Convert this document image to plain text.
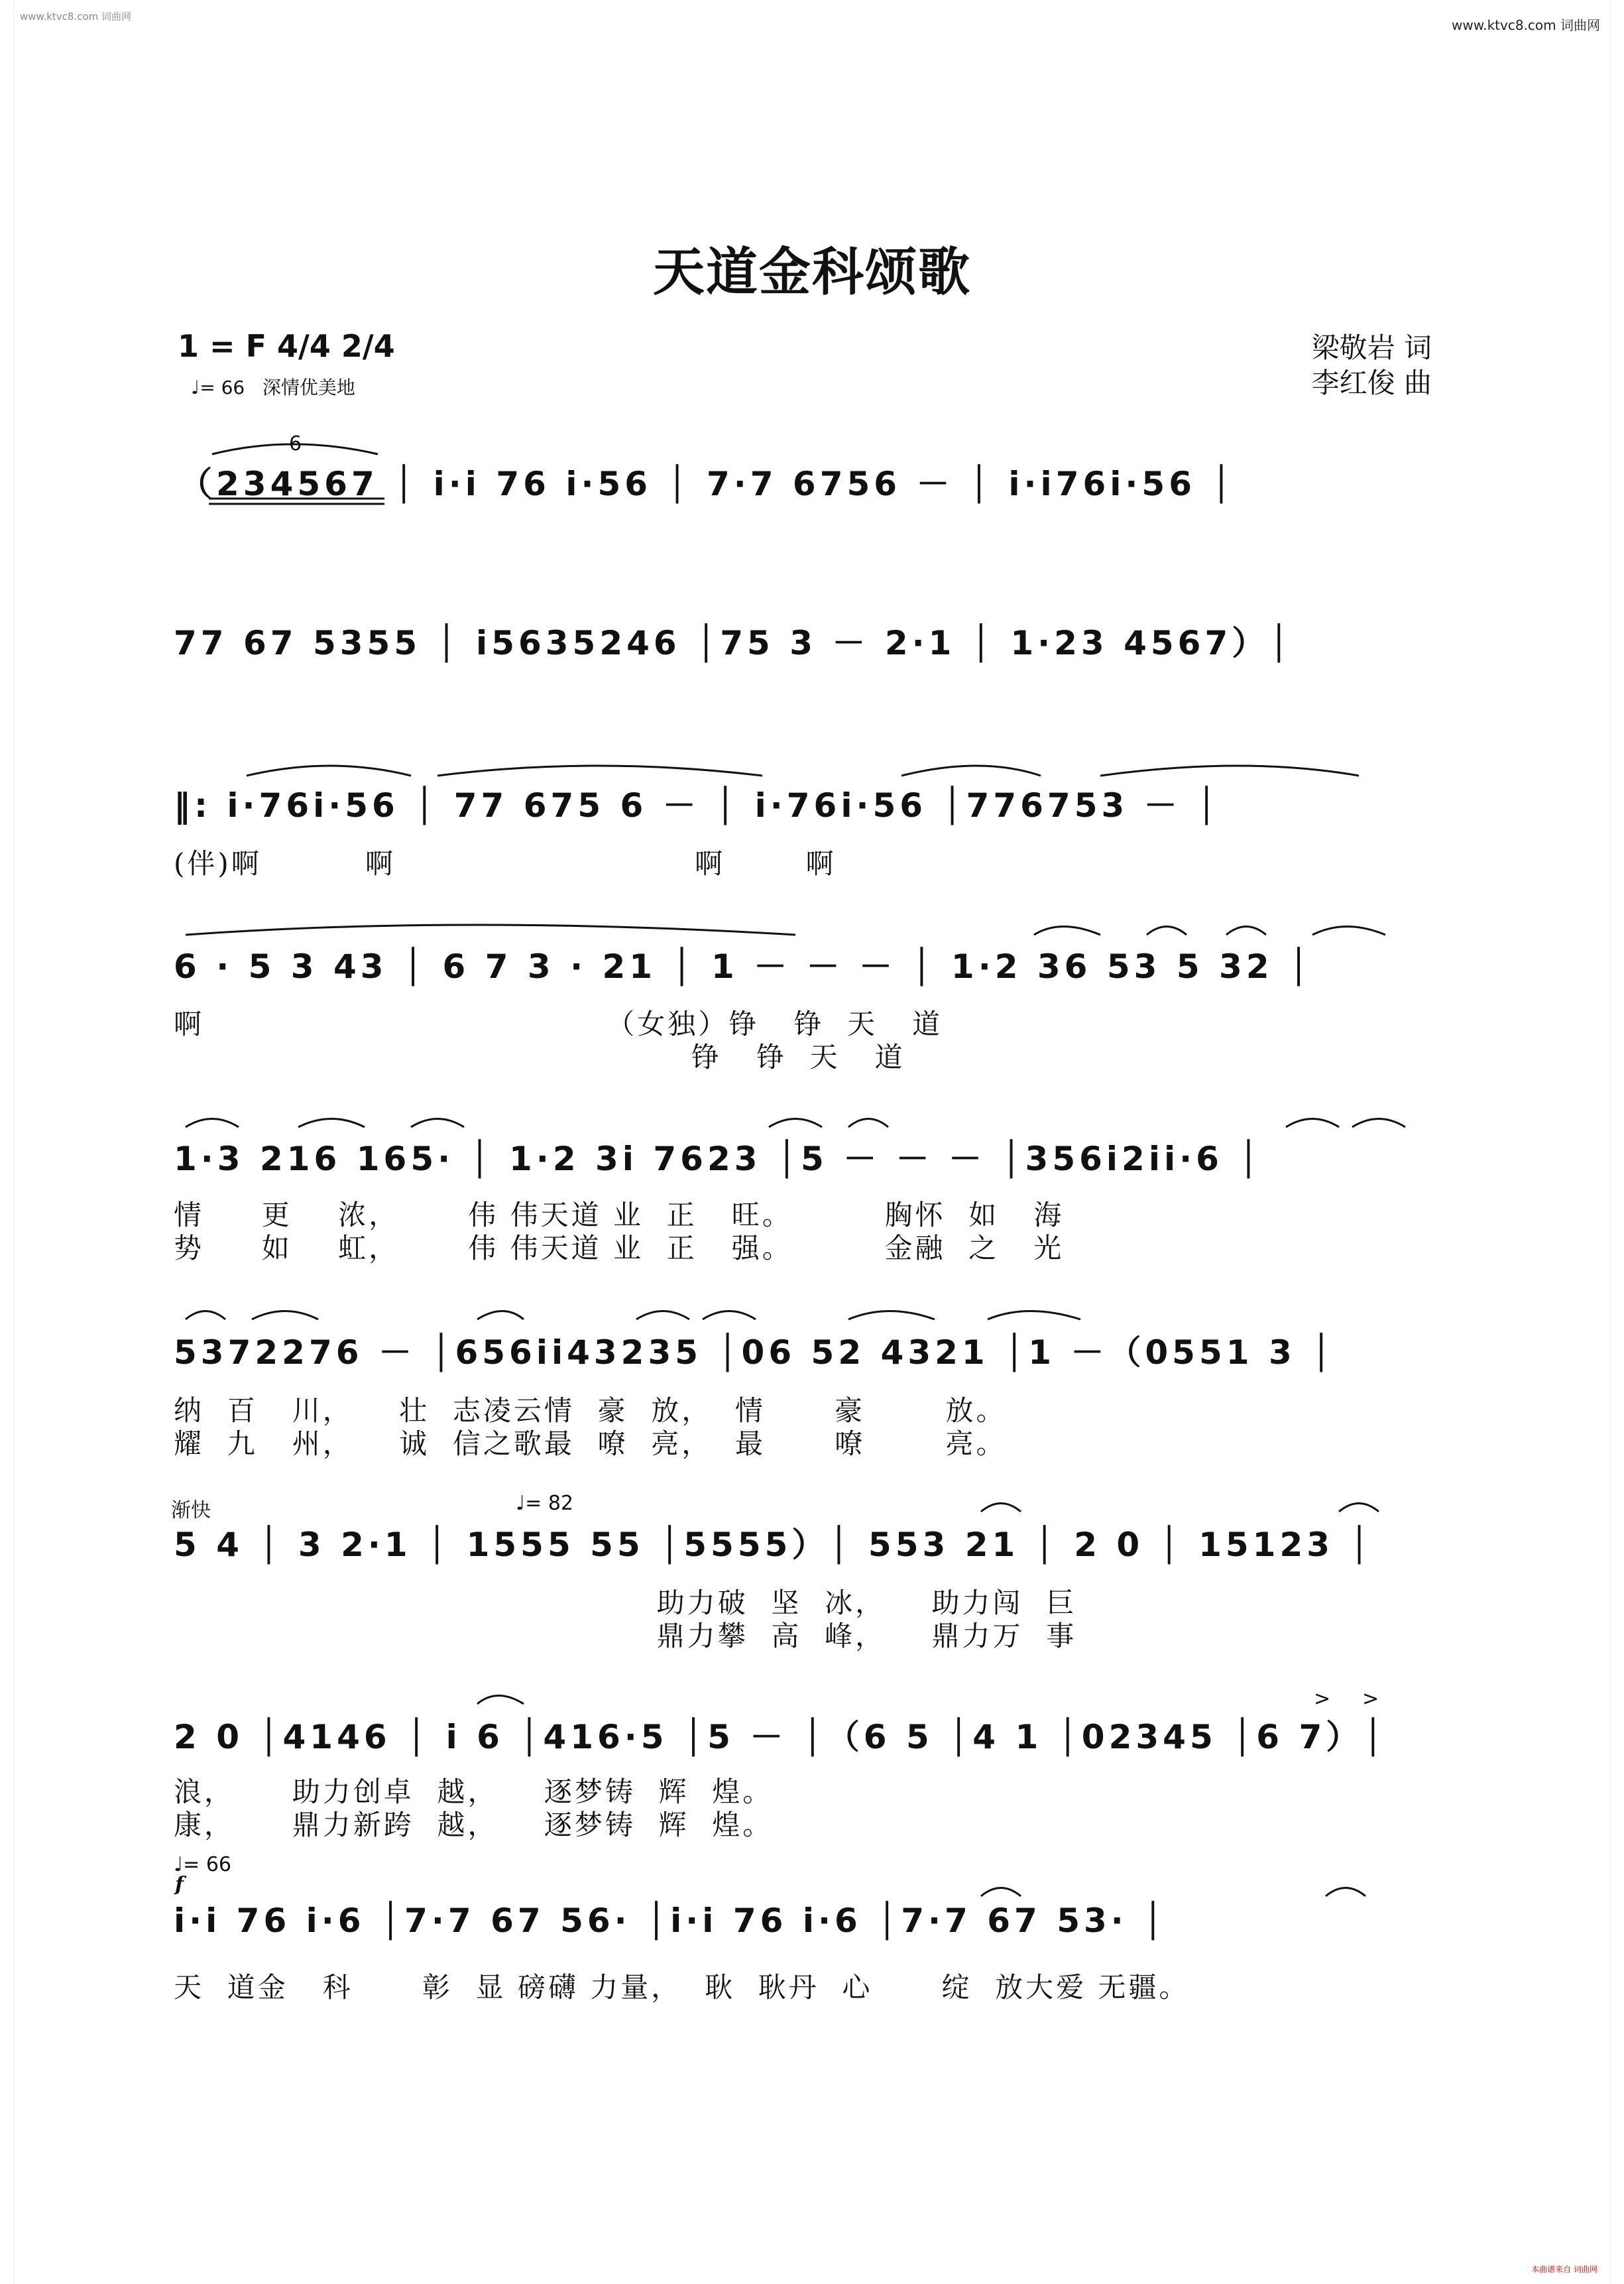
www.ktvc8.com 词曲网
www.ktvc8.com 词曲网
天道金科颂歌
1 = F 4/4 2/4
♩= 66   深情优美地
梁敬岩 词
李红俊 曲
6
（234567 │ i·i 76 i·56 │ 7·7 6756 － │ i·i76i·56 │
77 67 5355 │ i5635246 │75 3 － 2·1 │ 1·23 4567）│
‖: i·76i·56 │ 77 675 6 － │ i·76i·56 │776753 － │
(伴)啊         啊                          啊       啊
6 · 5 3 43 │ 6 7 3 · 21 │ 1 － － － │ 1·2 36 53 5 32 │
啊                                   （女独）铮   铮  天   道
铮   铮  天   道
1·3 216 165· │ 1·2 3i 7623 │5 － － － │356i2ii·6 │
情     更    浓，      伟 伟天道 业  正   旺。        胸怀  如   海
势     如    虹，      伟 伟天道 业  正   强。        金融  之   光
5372276 － │656ii43235 │06 52 4321 │1 －（0551 3 │
纳  百   川，    壮  志凌云情  豪  放，  情      豪       放。
耀  九   州，    诚  信之歌最  嘹  亮，  最      嘹       亮。
渐快	♩= 82
5 4 │ 3 2·1 │ 1555 55 │5555）│ 553 21 │ 2 0 │ 15123 │
助力破  坚  冰，    助力闯  巨
鼎力攀  高  峰，    鼎力万  事
> >
2 0 │4146 │ i 6 │416·5 │5 － │（6 5 │4 1 │02345 │6 7）│
浪，     助力创卓  越，    逐梦铸  辉  煌。
康，     鼎力新跨  越，    逐梦铸  辉  煌。
♩= 66
f
i·i 76 i·6 │7·7 67 56· │i·i 76 i·6 │7·7 67 53· │
天  道金   科      彰  显 磅礴 力量，  耿  耿丹  心      绽  放大爱 无疆。
本曲谱来自 词曲网
